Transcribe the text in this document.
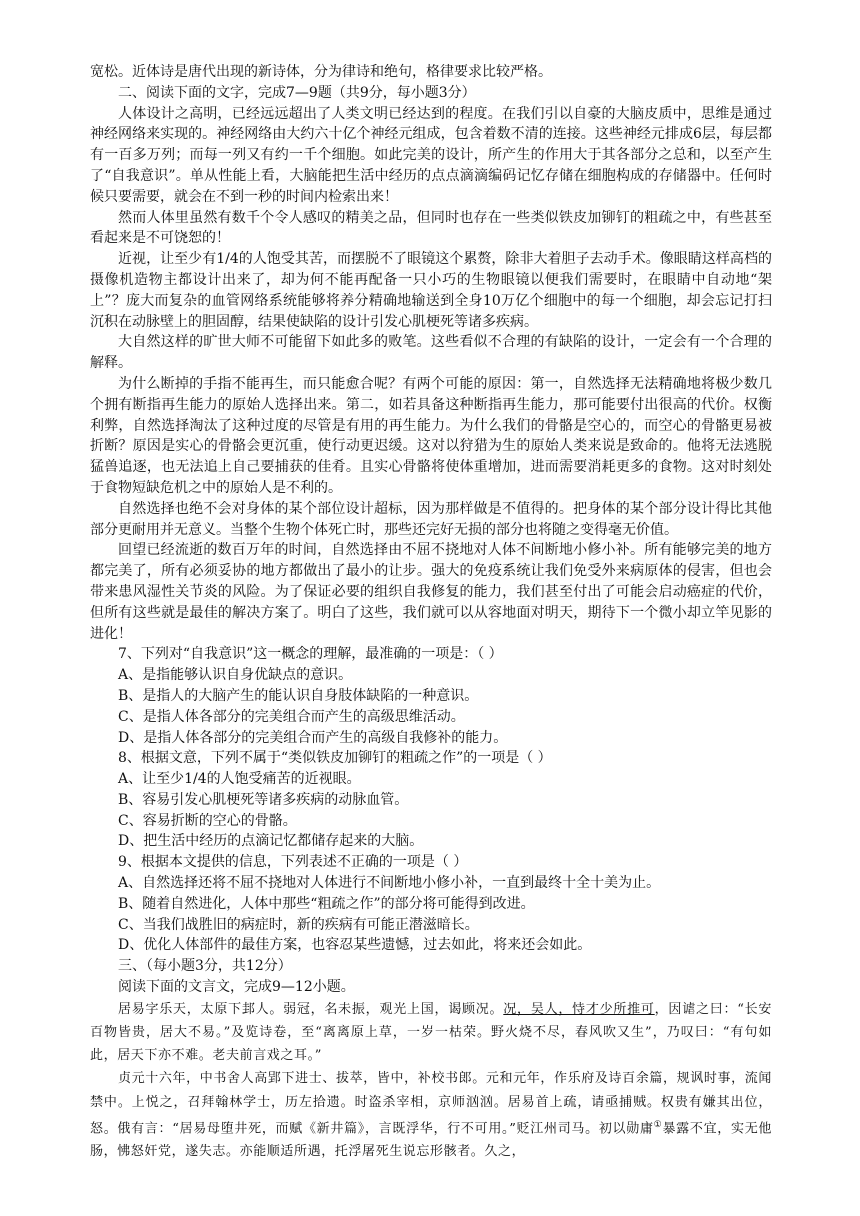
宽松。近体诗是唐代出现的新诗体，分为律诗和绝句，格律要求比较严格。

二、阅读下面的文字，完成7—9题（共9分，每小题3分）

人体设计之高明，已经远远超出了人类文明已经达到的程度。在我们引以自豪的大脑皮质中，思维是通过神经网络来实现的。神经网络由大约六十亿个神经元组成，包含着数不清的连接。这些神经元排成6层，每层都有一百多万列；而每一列又有约一千个细胞。如此完美的设计，所产生的作用大于其各部分之总和，以至产生了“自我意识”。单从性能上看，大脑能把生活中经历的点点滴滴编码记忆存储在细胞构成的存储器中。任何时候只要需要，就会在不到一秒的时间内检索出来！

然而人体里虽然有数千个令人感叹的精美之品，但同时也存在一些类似铁皮加铆钉的粗疏之中，有些甚至看起来是不可饶恕的！

近视，让至少有1/4的人饱受其苦，而摆脱不了眼镜这个累赘，除非大着胆子去动手术。像眼睛这样高档的摄像机造物主都设计出来了，却为何不能再配备一只小巧的生物眼镜以便我们需要时，在眼睛中自动地“架上”？庞大而复杂的血管网络系统能够将养分精确地输送到全身10万亿个细胞中的每一个细胞，却会忘记打扫沉积在动脉壁上的胆固醇，结果使缺陷的设计引发心肌梗死等诸多疾病。

大自然这样的旷世大师不可能留下如此多的败笔。这些看似不合理的有缺陷的设计，一定会有一个合理的解释。

为什么断掉的手指不能再生，而只能愈合呢？有两个可能的原因：第一，自然选择无法精确地将极少数几个拥有断指再生能力的原始人选择出来。第二，如若具备这种断指再生能力，那可能要付出很高的代价。权衡利弊，自然选择淘汰了这种过度的尽管是有用的再生能力。为什么我们的骨骼是空心的，而空心的骨骼更易被折断？原因是实心的骨骼会更沉重，使行动更迟缓。这对以狩猎为生的原始人类来说是致命的。他将无法逃脱猛兽追逐，也无法追上自己要捕获的佳肴。且实心骨骼将使体重增加，进而需要消耗更多的食物。这对时刻处于食物短缺危机之中的原始人是不利的。

自然选择也绝不会对身体的某个部位设计超标，因为那样做是不值得的。把身体的某个部分设计得比其他部分更耐用并无意义。当整个生物个体死亡时，那些还完好无损的部分也将随之变得毫无价值。

回望已经流逝的数百万年的时间，自然选择由不屈不挠地对人体不间断地小修小补。所有能够完美的地方都完美了，所有必须妥协的地方都做出了最小的让步。强大的免疫系统让我们免受外来病原体的侵害，但也会带来患风湿性关节炎的风险。为了保证必要的组织自我修复的能力，我们甚至付出了可能会启动癌症的代价，但所有这些就是最佳的解决方案了。明白了这些，我们就可以从容地面对明天，期待下一个微小却立竿见影的进化！

7、下列对“自我意识”这一概念的理解，最准确的一项是：（ ）

A、是指能够认识自身优缺点的意识。

B、是指人的大脑产生的能认识自身肢体缺陷的一种意识。

C、是指人体各部分的完美组合而产生的高级思维活动。

D、是指人体各部分的完美组合而产生的高级自我修补的能力。

8、根据文意，下列不属于“类似铁皮加铆钉的粗疏之作”的一项是（ ）

A、让至少1/4的人饱受痛苦的近视眼。

B、容易引发心肌梗死等诸多疾病的动脉血管。

C、容易折断的空心的骨骼。

D、把生活中经历的点滴记忆都储存起来的大脑。

9、根据本文提供的信息，下列表述不正确的一项是（ ）

A、自然选择还将不屈不挠地对人体进行不间断地小修小补，一直到最终十全十美为止。

B、随着自然进化，人体中那些“粗疏之作”的部分将可能得到改进。

C、当我们战胜旧的病症时，新的疾病有可能正潜滋暗长。

D、优化人体部件的最佳方案，也容忍某些遗憾，过去如此，将来还会如此。

三、（每小题3分，共12分）

阅读下面的文言文，完成9—12小题。

居易字乐天，太原下邽人。弱冠，名未振，观光上国，谒顾况。况，吴人，恃才少所推可，因谑之曰：“长安百物皆贵，居大不易。”及览诗卷，至“离离原上草，一岁一枯荣。野火烧不尽，春风吹又生”，乃叹曰：“有句如此，居天下亦不难。老夫前言戏之耳。”

贞元十六年，中书舍人高郢下进士、拔萃，皆中，补校书郎。元和元年，作乐府及诗百余篇，规讽时事，流闻禁中。上悦之，召拜翰林学士，历左拾遗。时盗杀宰相，京师汹汹。居易首上疏，请亟捕贼。权贵有嫌其出位，怒。俄有言：“居易母堕井死，而赋《新井篇》，言既浮华，行不可用。”贬江州司马。初以勋庸①暴露不宜，实无他肠，怫怒奸党，遂失志。亦能顺适所遇，托浮屠死生说忘形骸者。久之，
